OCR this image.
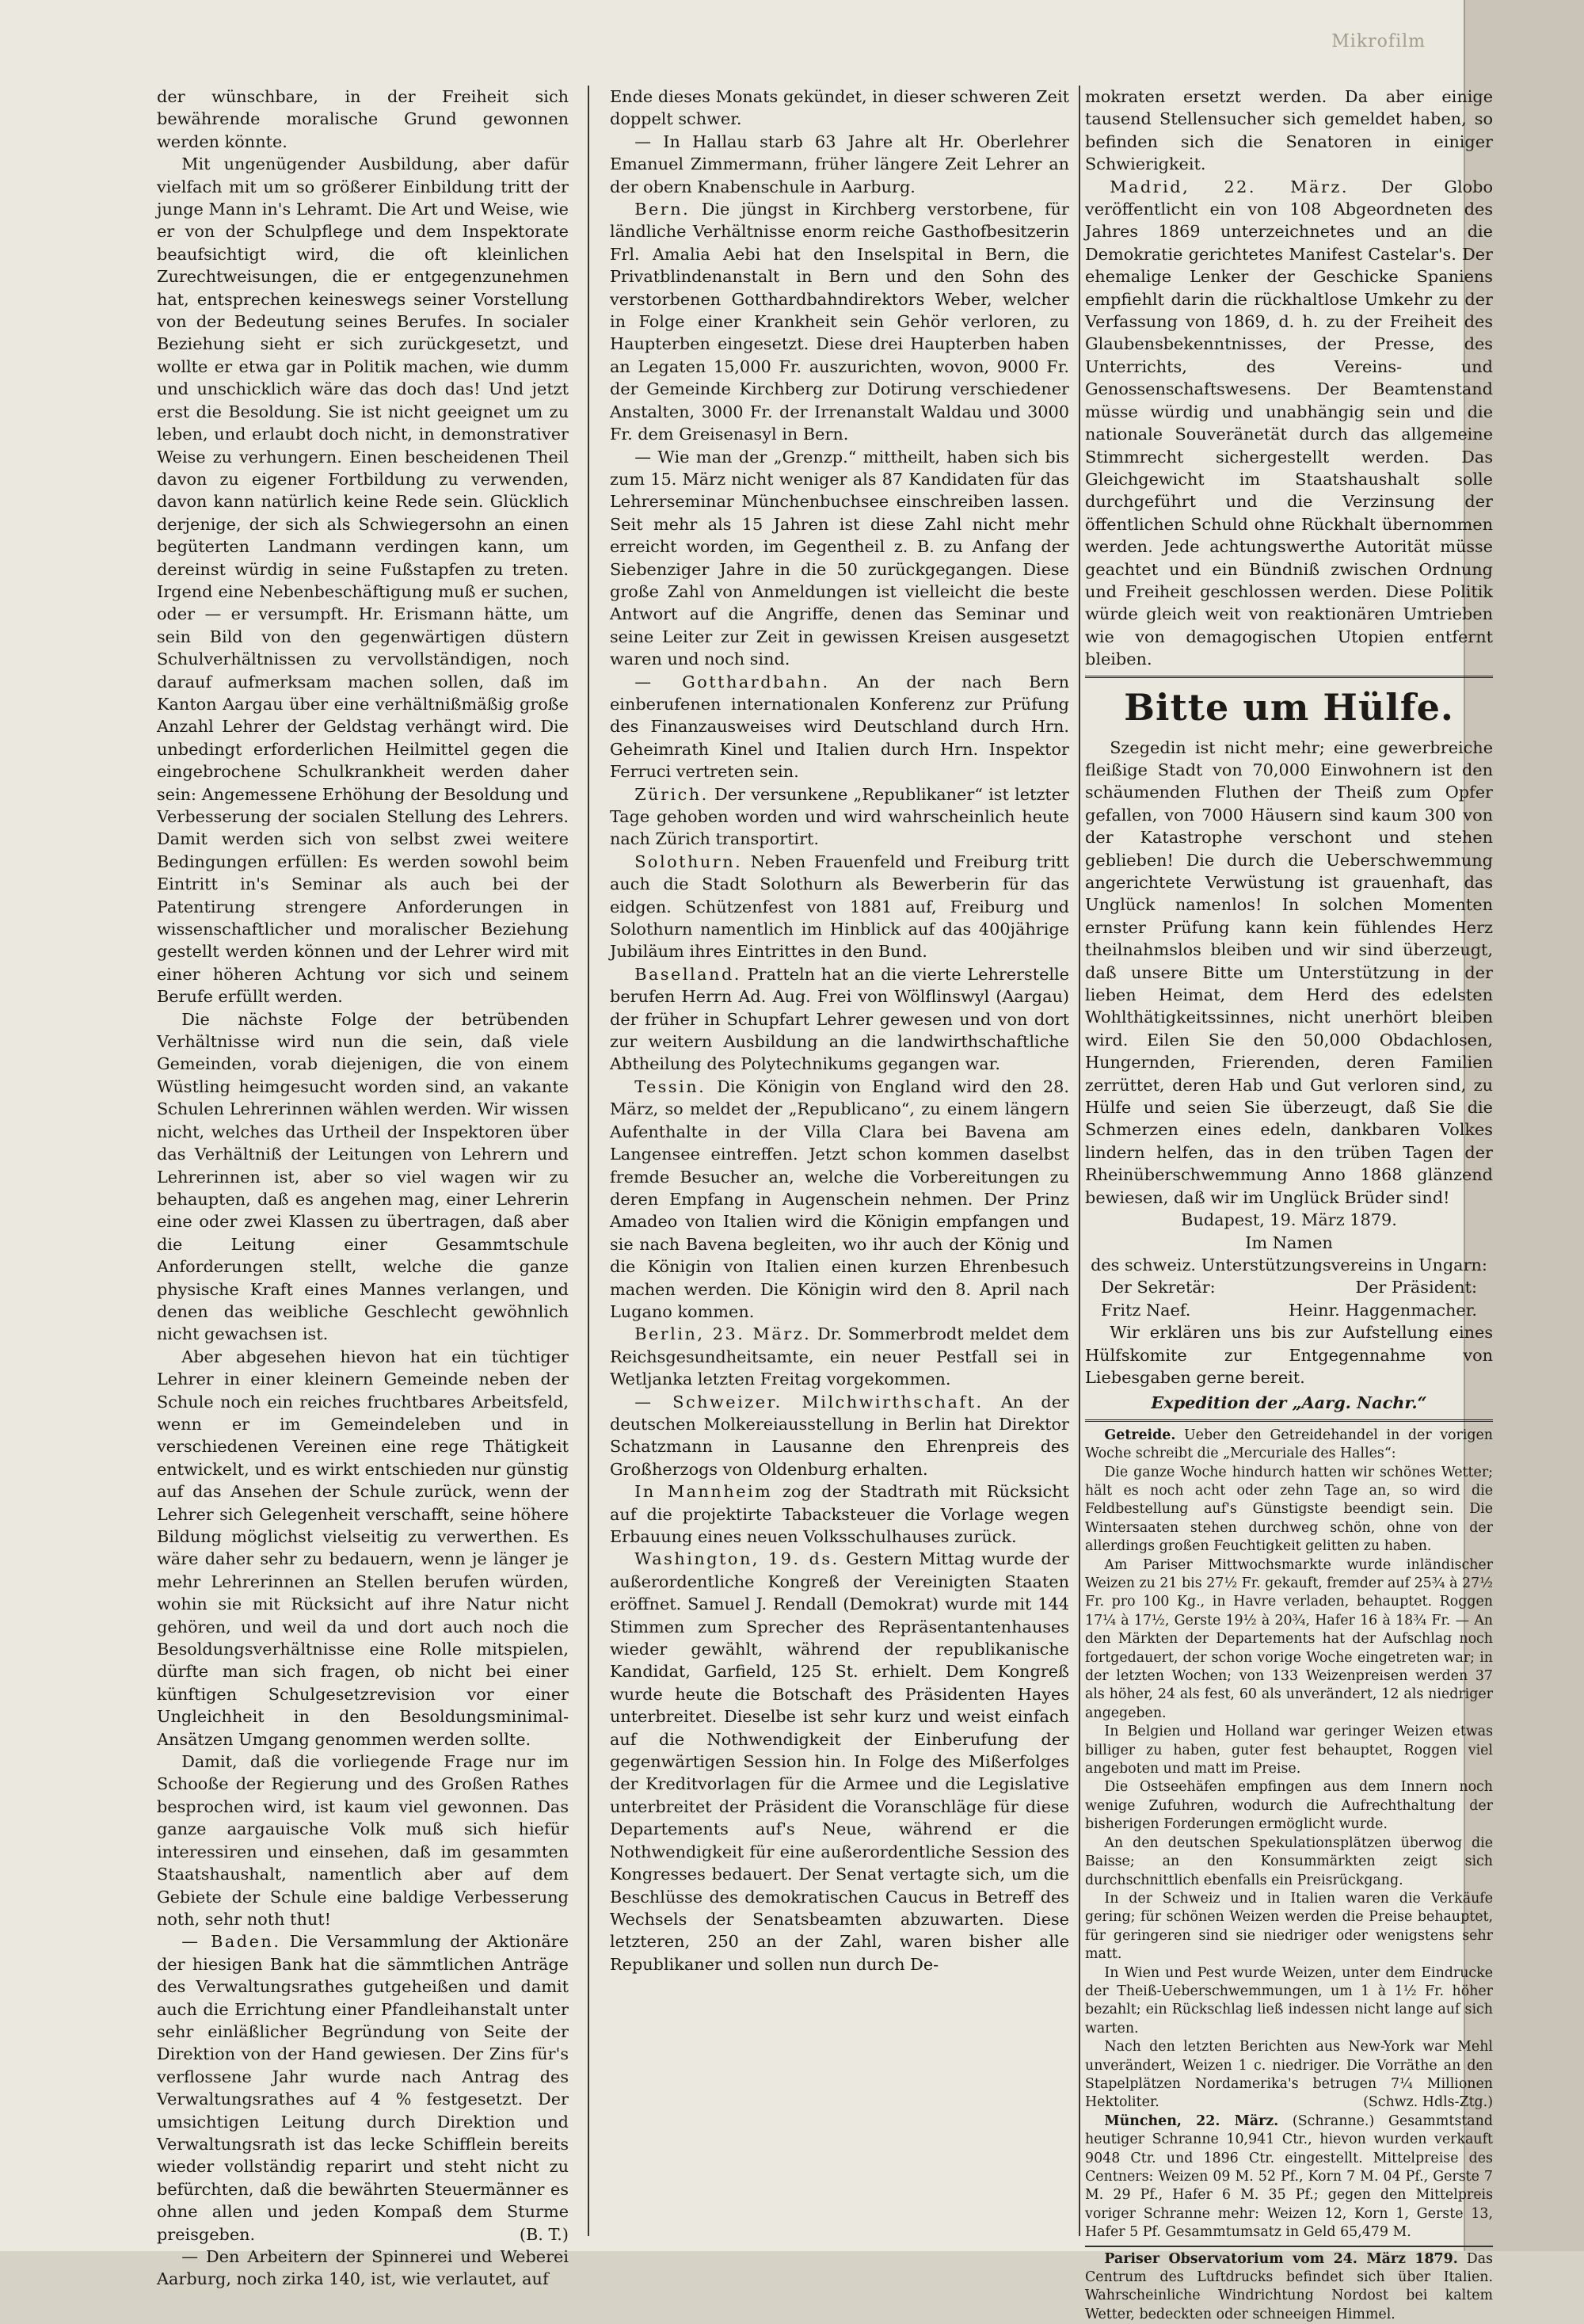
Mikrofilm

der wünschbare, in der Freiheit sich bewährende moralische Grund gewonnen werden könnte.

Mit ungenügender Ausbildung, aber dafür vielfach mit um so größerer Einbildung tritt der junge Mann in's Lehramt. Die Art und Weise, wie er von der Schulpflege und dem Inspektorate beaufsichtigt wird, die oft kleinlichen Zurechtweisungen, die er entgegenzunehmen hat, entsprechen keineswegs seiner Vorstellung von der Bedeutung seines Berufes. In socialer Beziehung sieht er sich zurückgesetzt, und wollte er etwa gar in Politik machen, wie dumm und unschicklich wäre das doch das! Und jetzt erst die Besoldung. Sie ist nicht geeignet um zu leben, und erlaubt doch nicht, in demonstrativer Weise zu verhungern. Einen bescheidenen Theil davon zu eigener Fortbildung zu verwenden, davon kann natürlich keine Rede sein. Glücklich derjenige, der sich als Schwiegersohn an einen begüterten Landmann verdingen kann, um dereinst würdig in seine Fußstapfen zu treten. Irgend eine Nebenbeschäftigung muß er suchen, oder — er versumpft. Hr. Erismann hätte, um sein Bild von den gegenwärtigen düstern Schulverhältnissen zu vervollständigen, noch darauf aufmerksam machen sollen, daß im Kanton Aargau über eine verhältnißmäßig große Anzahl Lehrer der Geldstag verhängt wird. Die unbedingt erforderlichen Heilmittel gegen die eingebrochene Schulkrankheit werden daher sein: Angemessene Erhöhung der Besoldung und Verbesserung der socialen Stellung des Lehrers. Damit werden sich von selbst zwei weitere Bedingungen erfüllen: Es werden sowohl beim Eintritt in's Seminar als auch bei der Patentirung strengere Anforderungen in wissenschaftlicher und moralischer Beziehung gestellt werden können und der Lehrer wird mit einer höheren Achtung vor sich und seinem Berufe erfüllt werden.

Die nächste Folge der betrübenden Verhältnisse wird nun die sein, daß viele Gemeinden, vorab diejenigen, die von einem Wüstling heimgesucht worden sind, an vakante Schulen Lehrerinnen wählen werden. Wir wissen nicht, welches das Urtheil der Inspektoren über das Verhältniß der Leitungen von Lehrern und Lehrerinnen ist, aber so viel wagen wir zu behaupten, daß es angehen mag, einer Lehrerin eine oder zwei Klassen zu übertragen, daß aber die Leitung einer Gesammtschule Anforderungen stellt, welche die ganze physische Kraft eines Mannes verlangen, und denen das weibliche Geschlecht gewöhnlich nicht gewachsen ist.

Aber abgesehen hievon hat ein tüchtiger Lehrer in einer kleinern Gemeinde neben der Schule noch ein reiches fruchtbares Arbeitsfeld, wenn er im Gemeindeleben und in verschiedenen Vereinen eine rege Thätigkeit entwickelt, und es wirkt entschieden nur günstig auf das Ansehen der Schule zurück, wenn der Lehrer sich Gelegenheit verschafft, seine höhere Bildung möglichst vielseitig zu verwerthen. Es wäre daher sehr zu bedauern, wenn je länger je mehr Lehrerinnen an Stellen berufen würden, wohin sie mit Rücksicht auf ihre Natur nicht gehören, und weil da und dort auch noch die Besoldungsverhältnisse eine Rolle mitspielen, dürfte man sich fragen, ob nicht bei einer künftigen Schulgesetzrevision vor einer Ungleichheit in den Besoldungsminimal-Ansätzen Umgang genommen werden sollte.

Damit, daß die vorliegende Frage nur im Schooße der Regierung und des Großen Rathes besprochen wird, ist kaum viel gewonnen. Das ganze aargauische Volk muß sich hiefür interessiren und einsehen, daß im gesammten Staatshaushalt, namentlich aber auf dem Gebiete der Schule eine baldige Verbesserung noth, sehr noth thut!

— Baden. Die Versammlung der Aktionäre der hiesigen Bank hat die sämmtlichen Anträge des Verwaltungsrathes gutgeheißen und damit auch die Errichtung einer Pfandleihanstalt unter sehr einläßlicher Begründung von Seite der Direktion von der Hand gewiesen. Der Zins für's verflossene Jahr wurde nach Antrag des Verwaltungsrathes auf 4 % festgesetzt. Der umsichtigen Leitung durch Direktion und Verwaltungsrath ist das lecke Schifflein bereits wieder vollständig reparirt und steht nicht zu befürchten, daß die bewährten Steuermänner es ohne allen und jeden Kompaß dem Sturme preisgeben.	(B. T.)

— Den Arbeitern der Spinnerei und Weberei Aarburg, noch zirka 140, ist, wie verlautet, auf

Ende dieses Monats gekündet, in dieser schweren Zeit doppelt schwer.

— In Hallau starb 63 Jahre alt Hr. Oberlehrer Emanuel Zimmermann, früher längere Zeit Lehrer an der obern Knabenschule in Aarburg.

Bern. Die jüngst in Kirchberg verstorbene, für ländliche Verhältnisse enorm reiche Gasthofbesitzerin Frl. Amalia Aebi hat den Inselspital in Bern, die Privatblindenanstalt in Bern und den Sohn des verstorbenen Gotthardbahndirektors Weber, welcher in Folge einer Krankheit sein Gehör verloren, zu Haupterben eingesetzt. Diese drei Haupterben haben an Legaten 15,000 Fr. auszurichten, wovon, 9000 Fr. der Gemeinde Kirchberg zur Dotirung verschiedener Anstalten, 3000 Fr. der Irrenanstalt Waldau und 3000 Fr. dem Greisenasyl in Bern.

— Wie man der „Grenzp.“ mittheilt, haben sich bis zum 15. März nicht weniger als 87 Kandidaten für das Lehrerseminar Münchenbuchsee einschreiben lassen. Seit mehr als 15 Jahren ist diese Zahl nicht mehr erreicht worden, im Gegentheil z. B. zu Anfang der Siebenziger Jahre in die 50 zurückgegangen. Diese große Zahl von Anmeldungen ist vielleicht die beste Antwort auf die Angriffe, denen das Seminar und seine Leiter zur Zeit in gewissen Kreisen ausgesetzt waren und noch sind.

— Gotthardbahn. An der nach Bern einberufenen internationalen Konferenz zur Prüfung des Finanzausweises wird Deutschland durch Hrn. Geheimrath Kinel und Italien durch Hrn. Inspektor Ferruci vertreten sein.

Zürich. Der versunkene „Republikaner“ ist letzter Tage gehoben worden und wird wahrscheinlich heute nach Zürich transportirt.

Solothurn. Neben Frauenfeld und Freiburg tritt auch die Stadt Solothurn als Bewerberin für das eidgen. Schützenfest von 1881 auf, Freiburg und Solothurn namentlich im Hinblick auf das 400jährige Jubiläum ihres Eintrittes in den Bund.

Baselland. Pratteln hat an die vierte Lehrerstelle berufen Herrn Ad. Aug. Frei von Wölflinswyl (Aargau) der früher in Schupfart Lehrer gewesen und von dort zur weitern Ausbildung an die landwirthschaftliche Abtheilung des Polytechnikums gegangen war.

Tessin. Die Königin von England wird den 28. März, so meldet der „Republicano“, zu einem längern Aufenthalte in der Villa Clara bei Bavena am Langensee eintreffen. Jetzt schon kommen daselbst fremde Besucher an, welche die Vorbereitungen zu deren Empfang in Augenschein nehmen. Der Prinz Amadeo von Italien wird die Königin empfangen und sie nach Bavena begleiten, wo ihr auch der König und die Königin von Italien einen kurzen Ehrenbesuch machen werden. Die Königin wird den 8. April nach Lugano kommen.

Berlin, 23. März. Dr. Sommerbrodt meldet dem Reichsgesundheitsamte, ein neuer Pestfall sei in Wetljanka letzten Freitag vorgekommen.

— Schweizer. Milchwirthschaft. An der deutschen Molkereiausstellung in Berlin hat Direktor Schatzmann in Lausanne den Ehrenpreis des Großherzogs von Oldenburg erhalten.

In Mannheim zog der Stadtrath mit Rücksicht auf die projektirte Tabacksteuer die Vorlage wegen Erbauung eines neuen Volksschulhauses zurück.

Washington, 19. ds. Gestern Mittag wurde der außerordentliche Kongreß der Vereinigten Staaten eröffnet. Samuel J. Rendall (Demokrat) wurde mit 144 Stimmen zum Sprecher des Repräsentantenhauses wieder gewählt, während der republikanische Kandidat, Garfield, 125 St. erhielt. Dem Kongreß wurde heute die Botschaft des Präsidenten Hayes unterbreitet. Dieselbe ist sehr kurz und weist einfach auf die Nothwendigkeit der Einberufung der gegenwärtigen Session hin. In Folge des Mißerfolges der Kreditvorlagen für die Armee und die Legislative unterbreitet der Präsident die Voranschläge für diese Departements auf's Neue, während er die Nothwendigkeit für eine außerordentliche Session des Kongresses bedauert. Der Senat vertagte sich, um die Beschlüsse des demokratischen Caucus in Betreff des Wechsels der Senatsbeamten abzuwarten. Diese letzteren, 250 an der Zahl, waren bisher alle Republikaner und sollen nun durch De-

mokraten ersetzt werden. Da aber einige tausend Stellensucher sich gemeldet haben, so befinden sich die Senatoren in einiger Schwierigkeit.

Madrid, 22. März. Der Globo veröffentlicht ein von 108 Abgeordneten des Jahres 1869 unterzeichnetes und an die Demokratie gerichtetes Manifest Castelar's. Der ehemalige Lenker der Geschicke Spaniens empfiehlt darin die rückhaltlose Umkehr zu der Verfassung von 1869, d. h. zu der Freiheit des Glaubensbekenntnisses, der Presse, des Unterrichts, des Vereins- und Genossenschaftswesens. Der Beamtenstand müsse würdig und unabhängig sein und die nationale Souveränetät durch das allgemeine Stimmrecht sichergestellt werden. Das Gleichgewicht im Staatshaushalt solle durchgeführt und die Verzinsung der öffentlichen Schuld ohne Rückhalt übernommen werden. Jede achtungswerthe Autorität müsse geachtet und ein Bündniß zwischen Ordnung und Freiheit geschlossen werden. Diese Politik würde gleich weit von reaktionären Umtrieben wie von demagogischen Utopien entfernt bleiben.

Bitte um Hülfe.

Szegedin ist nicht mehr; eine gewerbreiche fleißige Stadt von 70,000 Einwohnern ist den schäumenden Fluthen der Theiß zum Opfer gefallen, von 7000 Häusern sind kaum 300 von der Katastrophe verschont und stehen geblieben! Die durch die Ueberschwemmung angerichtete Verwüstung ist grauenhaft, das Unglück namenlos! In solchen Momenten ernster Prüfung kann kein fühlendes Herz theilnahmslos bleiben und wir sind überzeugt, daß unsere Bitte um Unterstützung in der lieben Heimat, dem Herd des edelsten Wohlthätigkeitssinnes, nicht unerhört bleiben wird. Eilen Sie den 50,000 Obdachlosen, Hungernden, Frierenden, deren Familien zerrüttet, deren Hab und Gut verloren sind, zu Hülfe und seien Sie überzeugt, daß Sie die Schmerzen eines edeln, dankbaren Volkes lindern helfen, das in den trüben Tagen der Rheinüberschwemmung Anno 1868 glänzend bewiesen, daß wir im Unglück Brüder sind!

Budapest, 19. März 1879.

Im Namen

des schweiz. Unterstützungsvereins in Ungarn:

Der Sekretär:	Der Präsident:
Fritz Naef.	Heinr. Haggenmacher.

Wir erklären uns bis zur Aufstellung eines Hülfskomite zur Entgegennahme von Liebesgaben gerne bereit.

Expedition der „Aarg. Nachr.“

Getreide. Ueber den Getreidehandel in der vorigen Woche schreibt die „Mercuriale des Halles“:

Die ganze Woche hindurch hatten wir schönes Wetter; hält es noch acht oder zehn Tage an, so wird die Feldbestellung auf's Günstigste beendigt sein. Die Wintersaaten stehen durchweg schön, ohne von der allerdings großen Feuchtigkeit gelitten zu haben.

Am Pariser Mittwochsmarkte wurde inländischer Weizen zu 21 bis 27½ Fr. gekauft, fremder auf 25¾ à 27½ Fr. pro 100 Kg., in Havre verladen, behauptet. Roggen 17¼ à 17½, Gerste 19½ à 20¾, Hafer 16 à 18¾ Fr. — An den Märkten der Departements hat der Aufschlag noch fortgedauert, der schon vorige Woche eingetreten war; in der letzten Wochen; von 133 Weizenpreisen werden 37 als höher, 24 als fest, 60 als unverändert, 12 als niedriger angegeben.

In Belgien und Holland war geringer Weizen etwas billiger zu haben, guter fest behauptet, Roggen viel angeboten und matt im Preise.

Die Ostseehäfen empfingen aus dem Innern noch wenige Zufuhren, wodurch die Aufrechthaltung der bisherigen Forderungen ermöglicht wurde.

An den deutschen Spekulationsplätzen überwog die Baisse; an den Konsummärkten zeigt sich durchschnittlich ebenfalls ein Preisrückgang.

In der Schweiz und in Italien waren die Verkäufe gering; für schönen Weizen werden die Preise behauptet, für geringeren sind sie niedriger oder wenigstens sehr matt.

In Wien und Pest wurde Weizen, unter dem Eindrucke der Theiß-Ueberschwemmungen, um 1 à 1½ Fr. höher bezahlt; ein Rückschlag ließ indessen nicht lange auf sich warten.

Nach den letzten Berichten aus New-York war Mehl unverändert, Weizen 1 c. niedriger. Die Vorräthe an den Stapelplätzen Nordamerika's betrugen 7¼ Millionen Hektoliter.	(Schwz. Hdls-Ztg.)

München, 22. März. (Schranne.) Gesammtstand heutiger Schranne 10,941 Ctr., hievon wurden verkauft 9048 Ctr. und 1896 Ctr. eingestellt. Mittelpreise des Centners: Weizen 09 M. 52 Pf., Korn 7 M. 04 Pf., Gerste 7 M. 29 Pf., Hafer 6 M. 35 Pf.; gegen den Mittelpreis voriger Schranne mehr: Weizen 12, Korn 1, Gerste 13, Hafer 5 Pf. Gesammtumsatz in Geld 65,479 M.

Pariser Observatorium vom 24. März 1879. Das Centrum des Luftdrucks befindet sich über Italien. Wahrscheinliche Windrichtung Nordost bei kaltem Wetter, bedeckten oder schneeigen Himmel.
